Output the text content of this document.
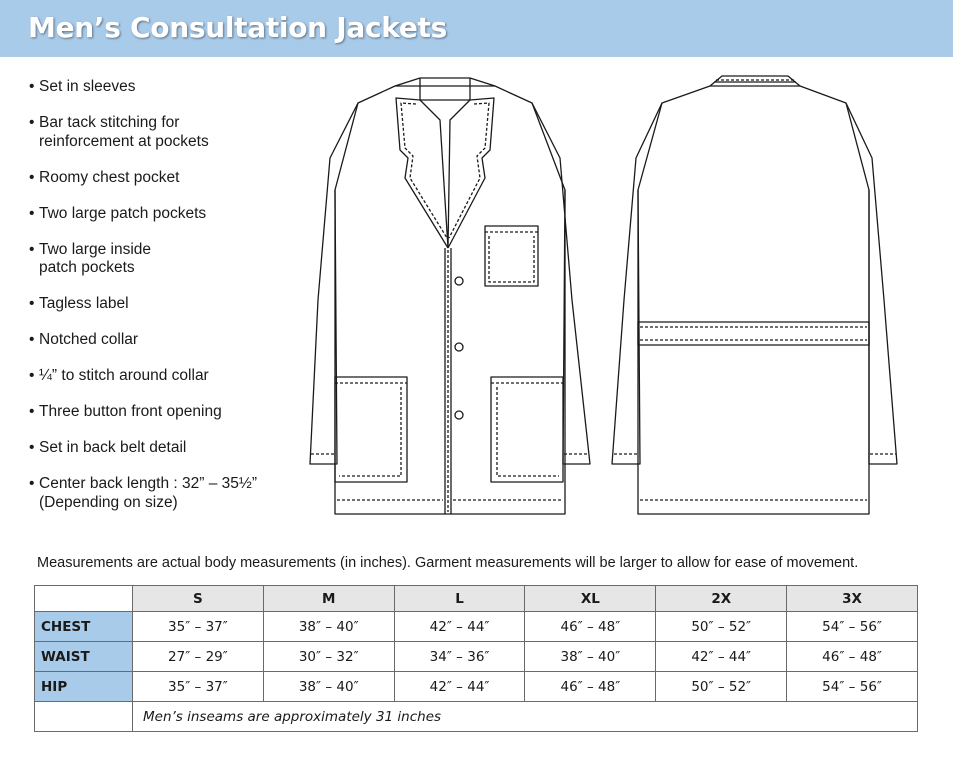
Men’s Consultation Jackets
• Set in sleeves
• Bar tack stitching for
reinforcement at pockets
• Roomy chest pocket
• Two large patch pockets
• Two large inside
patch pockets
• Tagless label
• Notched collar
• ¼” to stitch around collar
• Three button front opening
• Set in back belt detail
• Center back length : 32” – 35½”
(Depending on size)
Measurements are actual body measurements (in inches). Garment measurements will be larger to allow for ease of movement.
	S	M	L	XL	2X	3X
CHEST	35″ – 37″	38″ – 40″	42″ – 44″	46″ – 48″	50″ – 52″	54″ – 56″
WAIST	27″ – 29″	30″ – 32″	34″ – 36″	38″ – 40″	42″ – 44″	46″ – 48″
HIP	35″ – 37″	38″ – 40″	42″ – 44″	46″ – 48″	50″ – 52″	54″ – 56″
	Men’s inseams are approximately 31 inches					
